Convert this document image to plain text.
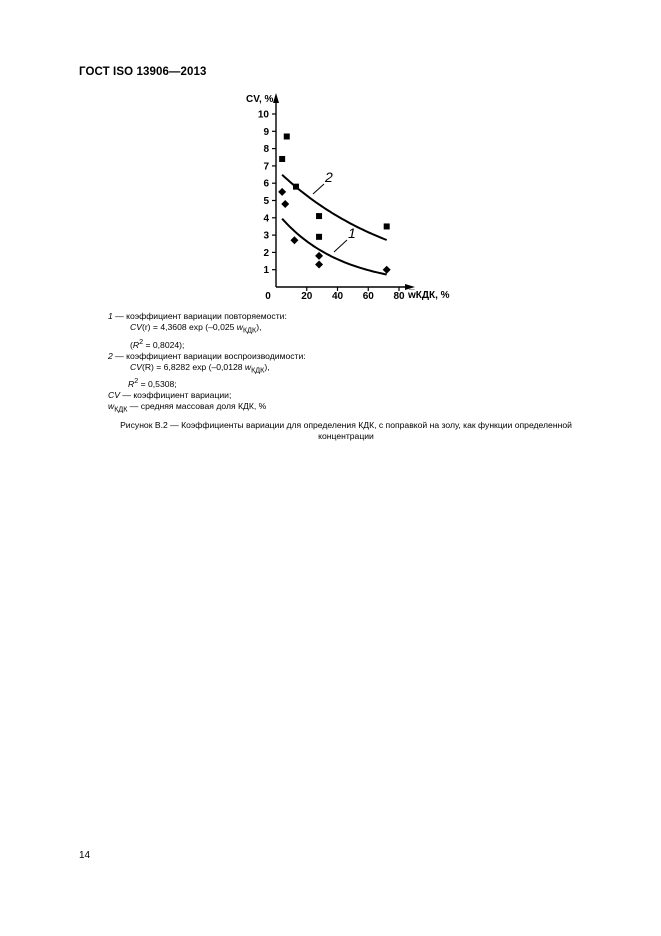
ГОСТ ISO 13906—2013
CV, %
w̅КДК, %
1
2
3
4
5
6
7
8
9
10
0	20 40 60 80
2
1
1 — коэффициент вариации повторяемости:
CV(r) = 4,3608 exp (–0,025 $w_{КДК}$),
$(R^2 = 0,8024)$;
2 — коэффициент вариации воспроизводимости:
CV(R) = 6,8282 exp (–0,0128 $w_{КДК}$),
$R^2 = 0,5308$;
CV — коэффициент вариации;
$w_{КДК}$ — средняя массовая доля КДК, %
Рисунок В.2 — Коэффициенты вариации для определения КДК, с поправкой на золу, как функции определенной
концентрации
14
